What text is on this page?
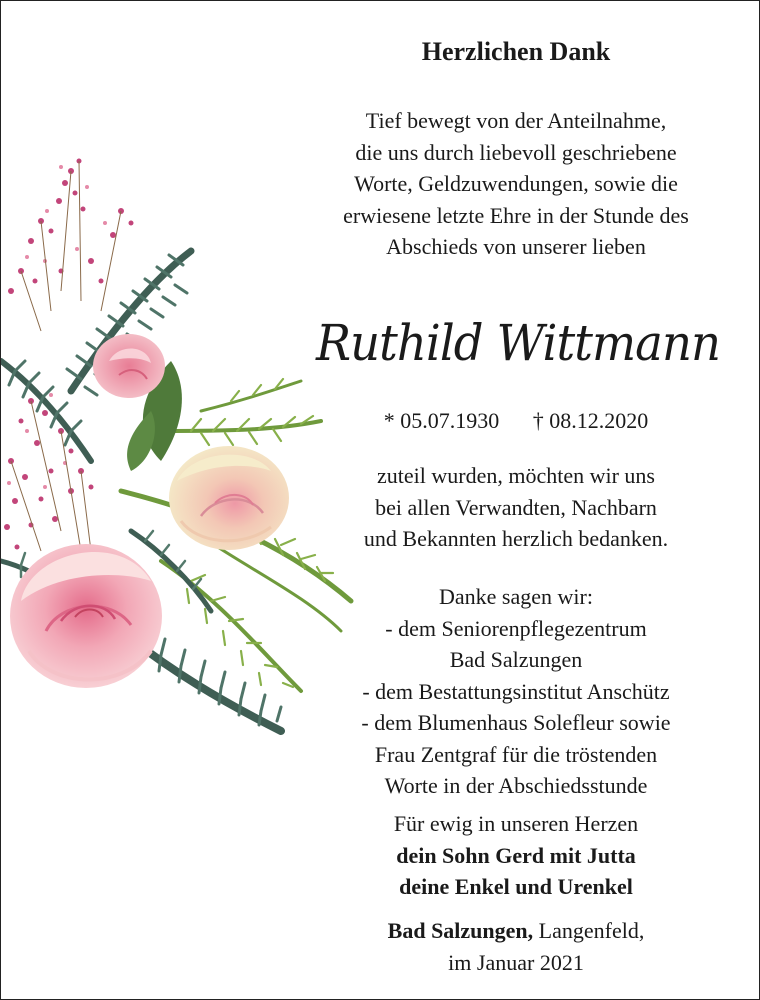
Herzlichen Dank
Tief bewegt von der Anteilnahme,
die uns durch liebevoll geschriebene
Worte, Geldzuwendungen, sowie die
erwiesene letzte Ehre in der Stunde des
Abschieds von unserer lieben
Ruthild Wittmann
* 05.07.1930 † 08.12.2020
zuteil wurden, möchten wir uns
bei allen Verwandten, Nachbarn
und Bekannten herzlich bedanken.
Danke sagen wir:
- dem Seniorenpflegezentrum
Bad Salzungen
- dem Bestattungsinstitut Anschütz
- dem Blumenhaus Solefleur sowie
Frau Zentgraf für die tröstenden
Worte in der Abschiedsstunde
Für ewig in unseren Herzen
dein Sohn Gerd mit Jutta
deine Enkel und Urenkel
Bad Salzungen, Langenfeld,
im Januar 2021
